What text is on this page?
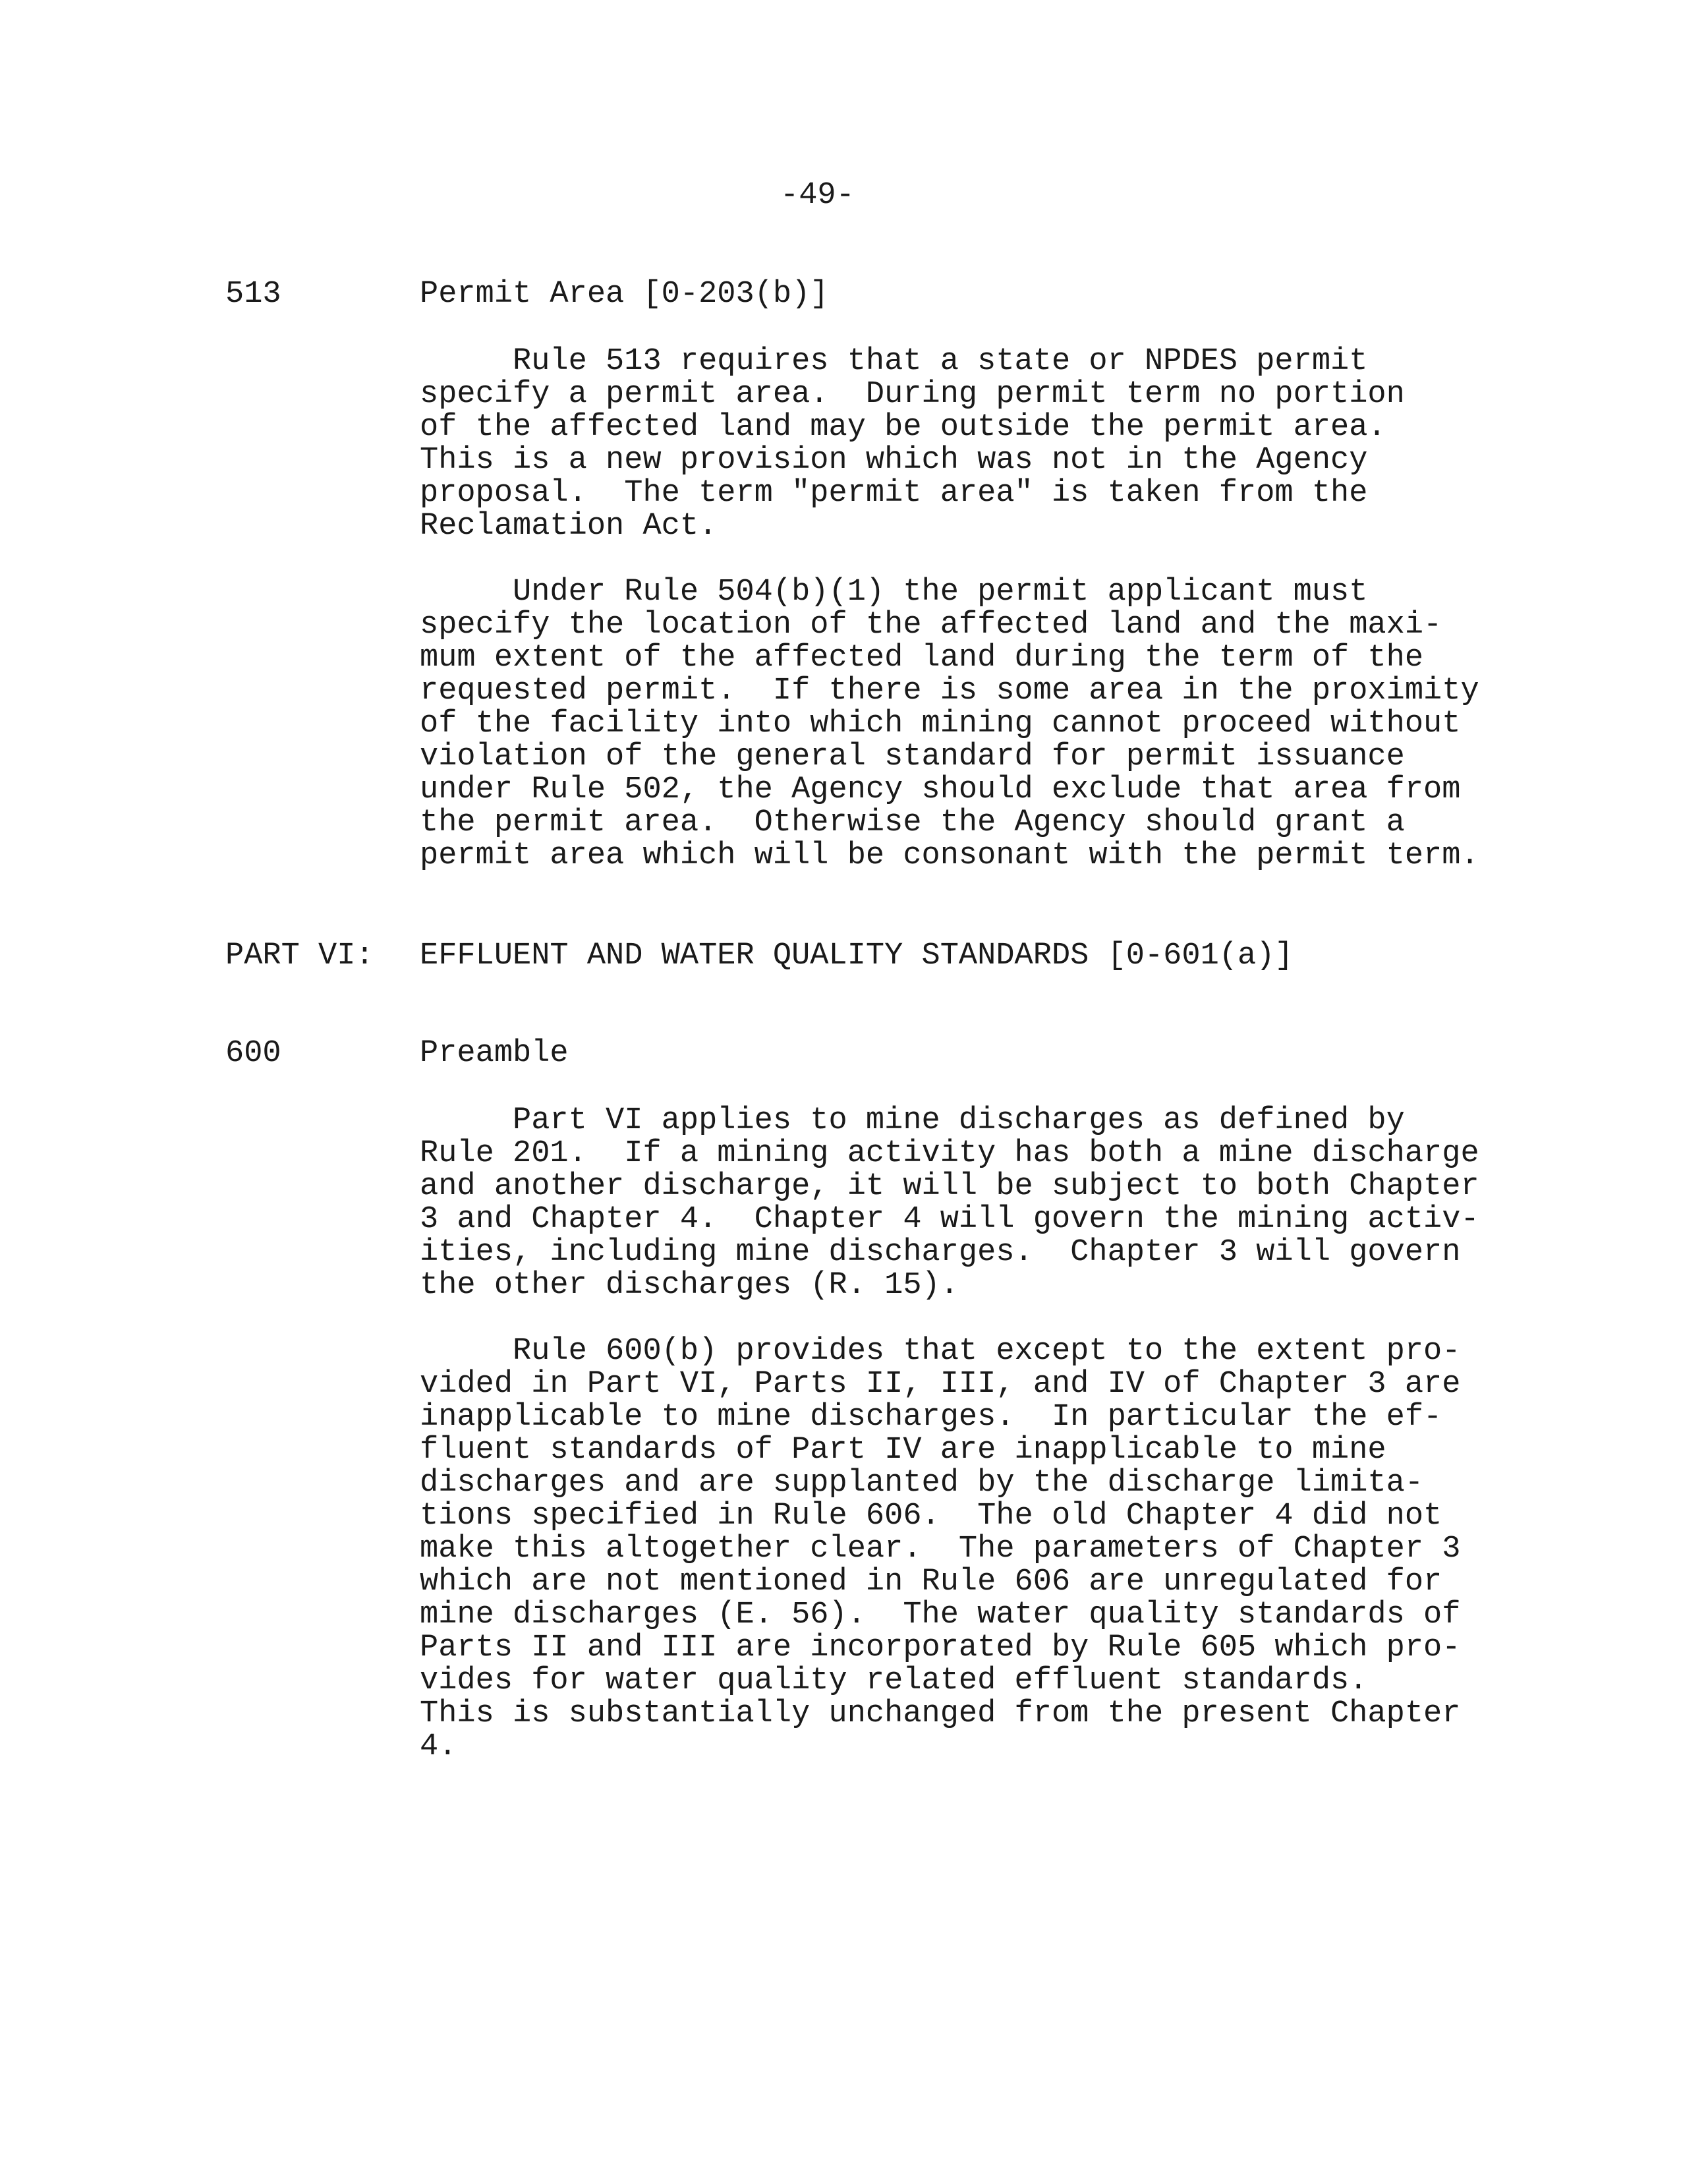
-49-
513	Permit Area [0-203(b)]
Rule 513 requires that a state or NPDES permit
specify a permit area.  During permit term no portion
of the affected land may be outside the permit area.
This is a new provision which was not in the Agency
proposal.  The term "permit area" is taken from the
Reclamation Act.
Under Rule 504(b)(1) the permit applicant must
specify the location of the affected land and the maxi-
mum extent of the affected land during the term of the
requested permit.  If there is some area in the proximity
of the facility into which mining cannot proceed without
violation of the general standard for permit issuance
under Rule 502, the Agency should exclude that area from
the permit area.  Otherwise the Agency should grant a
permit area which will be consonant with the permit term.
PART VI: EFFLUENT AND WATER QUALITY STANDARDS [0-601(a)]
600	Preamble
Part VI applies to mine discharges as defined by
Rule 201.  If a mining activity has both a mine discharge
and another discharge, it will be subject to both Chapter
3 and Chapter 4.  Chapter 4 will govern the mining activ-
ities, including mine discharges.  Chapter 3 will govern
the other discharges (R. 15).
Rule 600(b) provides that except to the extent pro-
vided in Part VI, Parts II, III, and IV of Chapter 3 are
inapplicable to mine discharges.  In particular the ef-
fluent standards of Part IV are inapplicable to mine
discharges and are supplanted by the discharge limita-
tions specified in Rule 606.  The old Chapter 4 did not
make this altogether clear.  The parameters of Chapter 3
which are not mentioned in Rule 606 are unregulated for
mine discharges (E. 56).  The water quality standards of
Parts II and III are incorporated by Rule 605 which pro-
vides for water quality related effluent standards.
This is substantially unchanged from the present Chapter
4.
